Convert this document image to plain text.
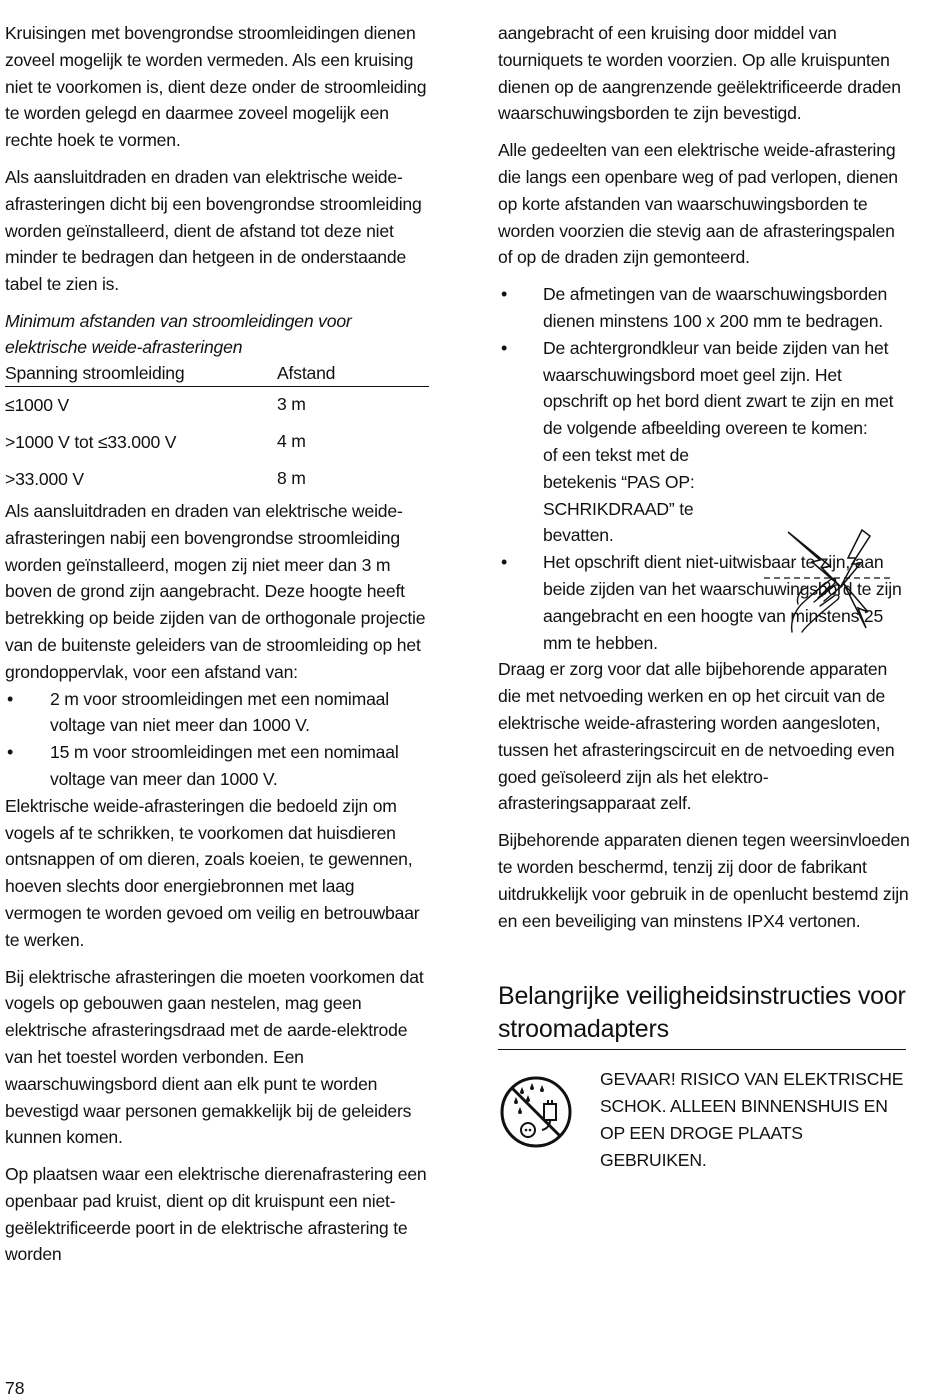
Kruisingen met bovengrondse stroomleidingen dienen zoveel mogelijk te worden vermeden. Als een kruising niet te voorkomen is, dient deze onder de stroomleiding te worden gelegd en daarmee zoveel mogelijk een rechte hoek te vormen.

Als aansluitdraden en draden van elektrische weide-afrasteringen dicht bij een bovengrondse stroomleiding worden geïnstalleerd, dient de afstand tot deze niet minder te bedragen dan hetgeen in de onderstaande tabel te zien is.

Minimum afstanden van stroomleidingen voor elektrische weide-afrasteringen

Spanning stroomleiding	Afstand
≤1000 V	3 m
>1000 V tot ≤33.000 V	4 m
>33.000 V	8 m

Als aansluitdraden en draden van elektrische weide-afrasteringen nabij een bovengrondse stroomleiding worden geïnstalleerd, mogen zij niet meer dan 3 m boven de grond zijn aangebracht. Deze hoogte heeft betrekking op beide zijden van de orthogonale projectie van de buitenste geleiders van de stroomleiding op het grondoppervlak, voor een afstand van:

• 2 m voor stroomleidingen met een nomimaal voltage van niet meer dan 1000 V.
• 15 m voor stroomleidingen met een nomimaal voltage van meer dan 1000 V.

Elektrische weide-afrasteringen die bedoeld zijn om vogels af te schrikken, te voorkomen dat huisdieren ontsnappen of om dieren, zoals koeien, te gewennen, hoeven slechts door energiebronnen met laag vermogen te worden gevoed om veilig en betrouwbaar te werken.

Bij elektrische afrasteringen die moeten voorkomen dat vogels op gebouwen gaan nestelen, mag geen elektrische afrasteringsdraad met de aarde-elektrode van het toestel worden verbonden. Een waarschuwingsbord dient aan elk punt te worden bevestigd waar personen gemakkelijk bij de geleiders kunnen komen.

Op plaatsen waar een elektrische dierenafrastering een openbaar pad kruist, dient op dit kruispunt een niet-geëlektrificeerde poort in de elektrische afrastering te worden

aangebracht of een kruising door middel van tourniquets te worden voorzien. Op alle kruispunten dienen op de aangrenzende geëlektrificeerde draden waarschuwingsborden te zijn bevestigd.

Alle gedeelten van een elektrische weide-afrastering die langs een openbare weg of pad verlopen, dienen op korte afstanden van waarschuwingsborden te worden voorzien die stevig aan de afrasteringspalen of op de draden zijn gemonteerd.

• De afmetingen van de waarschuwingsborden dienen minstens 100 x 200 mm te bedragen.
• De achtergrondkleur van beide zijden van het waarschuwingsbord moet geel zijn. Het opschrift op het bord dient zwart te zijn en met de volgende afbeelding overeen te komen:
of een tekst met de betekenis “PAS OP: SCHRIKDRAAD” te bevatten.
• Het opschrift dient niet-uitwisbaar te zijn, aan beide zijden van het waarschuwingsbord te zijn aangebracht en een hoogte van minstens 25 mm te hebben.

Draag er zorg voor dat alle bijbehorende apparaten die met netvoeding werken en op het circuit van de elektrische weide-afrastering worden aangesloten, tussen het afrasteringscircuit en de netvoeding even goed geïsoleerd zijn als het elektro-afrasteringsapparaat zelf.

Bijbehorende apparaten dienen tegen weersinvloeden te worden beschermd, tenzij zij door de fabrikant uitdrukkelijk voor gebruik in de openlucht bestemd zijn en een beveiliging van minstens IPX4 vertonen.

Belangrijke veiligheidsinstructies voor stroomadapters
GEVAAR! RISICO VAN ELEKTRISCHE SCHOK. ALLEEN BINNENSHUIS EN OP EEN DROGE PLAATS GEBRUIKEN.
78
